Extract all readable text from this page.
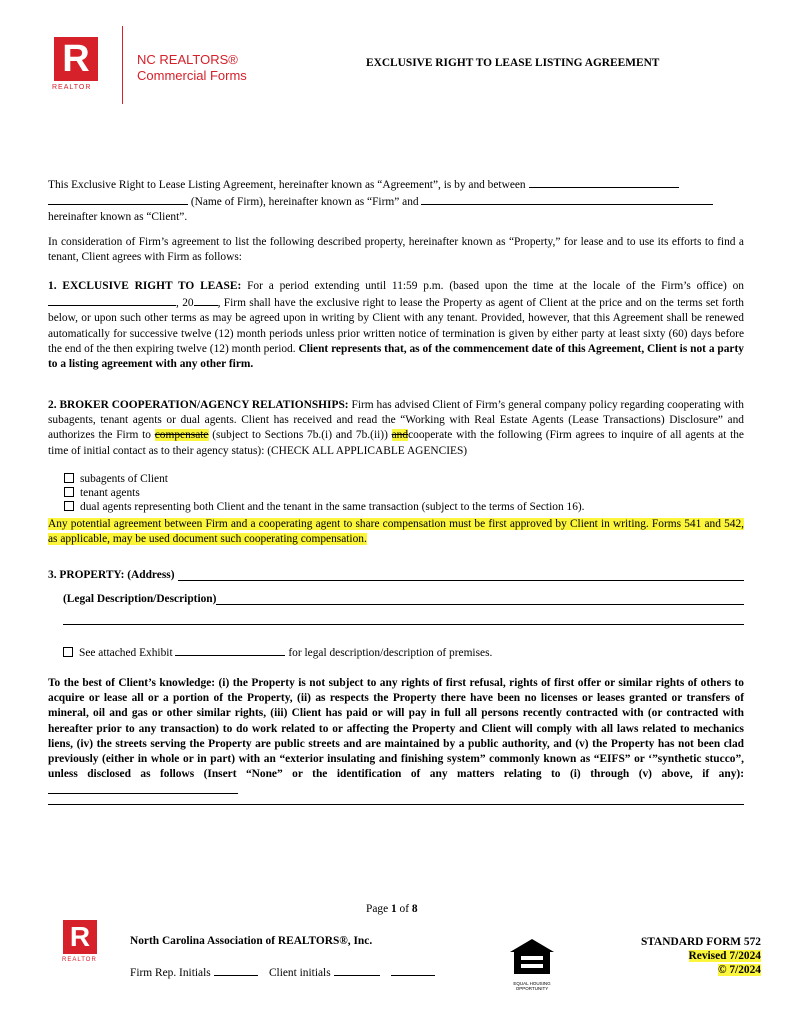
R
REALTOR
NC REALTORS®
Commercial Forms
EXCLUSIVE RIGHT TO LEASE LISTING AGREEMENT
This Exclusive Right to Lease Listing Agreement, hereinafter known as “Agreement”, is by and between
(Name of Firm), hereinafter known as “Firm” and
hereinafter known as “Client”.
In consideration of Firm’s agreement to list the following described property, hereinafter known as “Property,” for lease and to use its efforts to find a tenant, Client agrees with Firm as follows:
1. EXCLUSIVE RIGHT TO LEASE: For a period extending until 11:59 p.m. (based upon the time at the locale of the Firm’s office) on , 20 , Firm shall have the exclusive right to lease the Property as agent of Client at the price and on the terms set forth below, or upon such other terms as may be agreed upon in writing by Client with any tenant. Provided, however, that this Agreement shall be renewed automatically for successive twelve (12) month periods unless prior written notice of termination is given by either party at least sixty (60) days before the end of the then expiring twelve (12) month period. Client represents that, as of the commencement date of this Agreement, Client is not a party to a listing agreement with any other firm.
2. BROKER COOPERATION/AGENCY RELATIONSHIPS: Firm has advised Client of Firm’s general company policy regarding cooperating with subagents, tenant agents or dual agents. Client has received and read the “Working with Real Estate Agents (Lease Transactions) Disclosure” and authorizes the Firm to compensate (subject to Sections 7b.(i) and 7b.(ii)) andcooperate with the following (Firm agrees to inquire of all agents at the time of initial contact as to their agency status): (CHECK ALL APPLICABLE AGENCIES)
subagents of Client
tenant agents
dual agents representing both Client and the tenant in the same transaction (subject to the terms of Section 16).
Any potential agreement between Firm and a cooperating agent to share compensation must be first approved by Client in writing. Forms 541 and 542, as applicable, may be used document such cooperating compensation.
3. PROPERTY: (Address)
(Legal Description/Description)
See attached Exhibit	for legal description/description of premises.
To the best of Client’s knowledge: (i) the Property is not subject to any rights of first refusal, rights of first offer or similar rights of others to acquire or lease all or a portion of the Property, (ii) as respects the Property there have been no licenses or leases granted or transfers of mineral, oil and gas or other similar rights, (iii) Client has paid or will pay in full all persons recently contracted with (or contracted with hereafter prior to any transaction) to do work related to or affecting the Property and Client will comply with all laws related to mechanics liens, (iv) the streets serving the Property are public streets and are maintained by a public authority, and (v) the Property has not been clad previously (either in whole or in part) with an “exterior insulating and finishing system” commonly known as “EIFS” or ‘”synthetic stucco”, unless disclosed as follows (Insert “None” or the identification of any matters relating to (i) through (v) above, if any):
Page 1 of 8
R
REALTOR
North Carolina Association of REALTORS®, Inc.
Firm Rep. Initials	Client initials
EQUAL HOUSING
OPPORTUNITY
STANDARD FORM 572
Revised 7/2024
© 7/2024
